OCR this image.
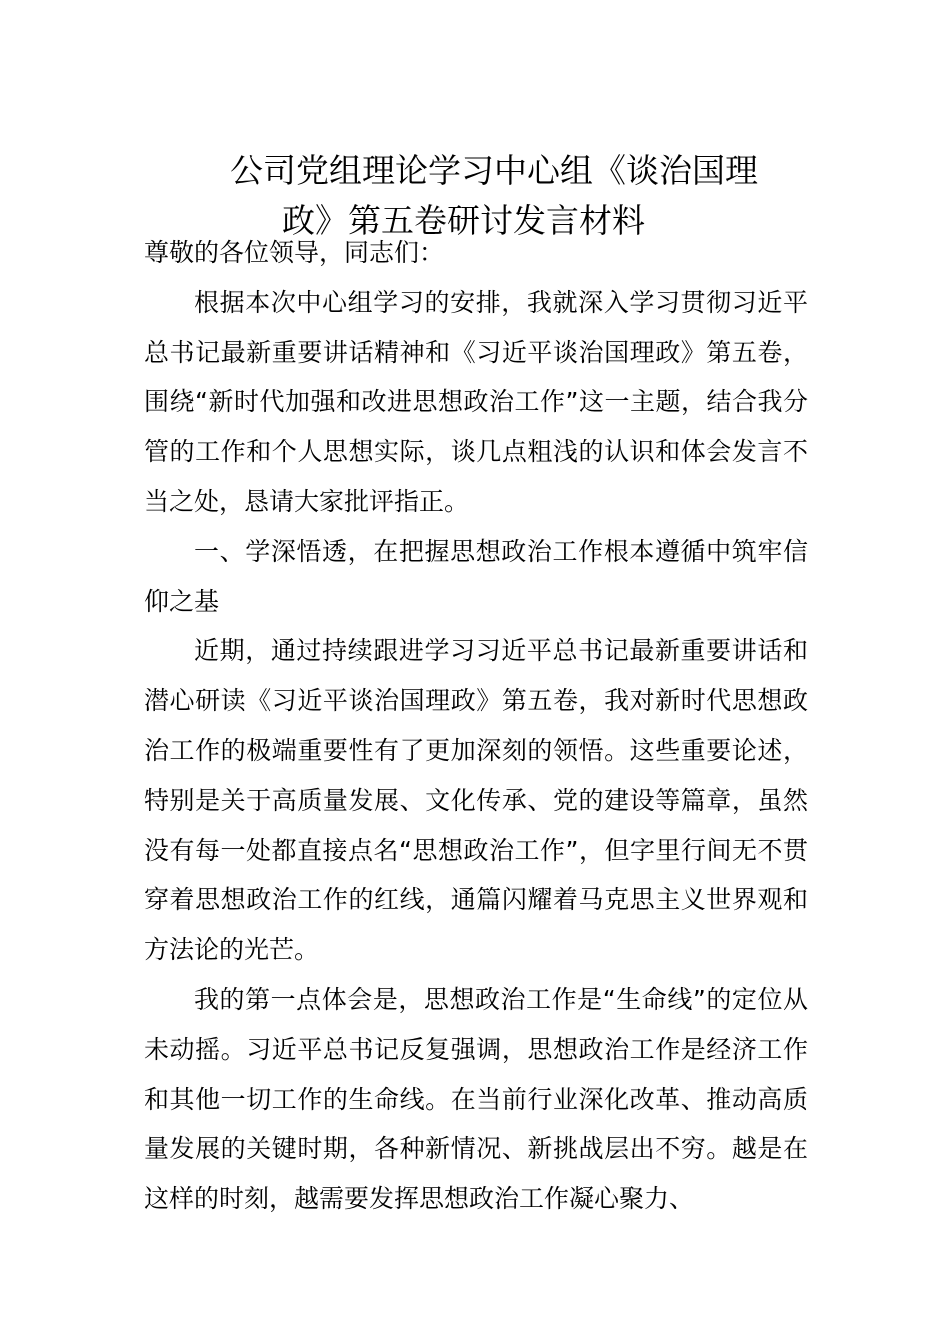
公司党组理论学习中心组《谈治国理
政》第五卷研讨发言材料

尊敬的各位领导，同志们：

根据本次中心组学习的安排，我就深入学习贯彻习近平总书记最新重要讲话精神和《习近平谈治国理政》第五卷，围绕“新时代加强和改进思想政治工作”这一主题，结合我分管的工作和个人思想实际，谈几点粗浅的认识和体会发言不当之处，恳请大家批评指正。

一、学深悟透，在把握思想政治工作根本遵循中筑牢信仰之基

近期，通过持续跟进学习习近平总书记最新重要讲话和潜心研读《习近平谈治国理政》第五卷，我对新时代思想政治工作的极端重要性有了更加深刻的领悟。这些重要论述，特别是关于高质量发展、文化传承、党的建设等篇章，虽然没有每一处都直接点名“思想政治工作”，但字里行间无不贯穿着思想政治工作的红线，通篇闪耀着马克思主义世界观和方法论的光芒。

我的第一点体会是，思想政治工作是“生命线”的定位从未动摇。习近平总书记反复强调，思想政治工作是经济工作和其他一切工作的生命线。在当前行业深化改革、推动高质量发展的关键时期，各种新情况、新挑战层出不穷。越是在这样的时刻，越需要发挥思想政治工作凝心聚力、
